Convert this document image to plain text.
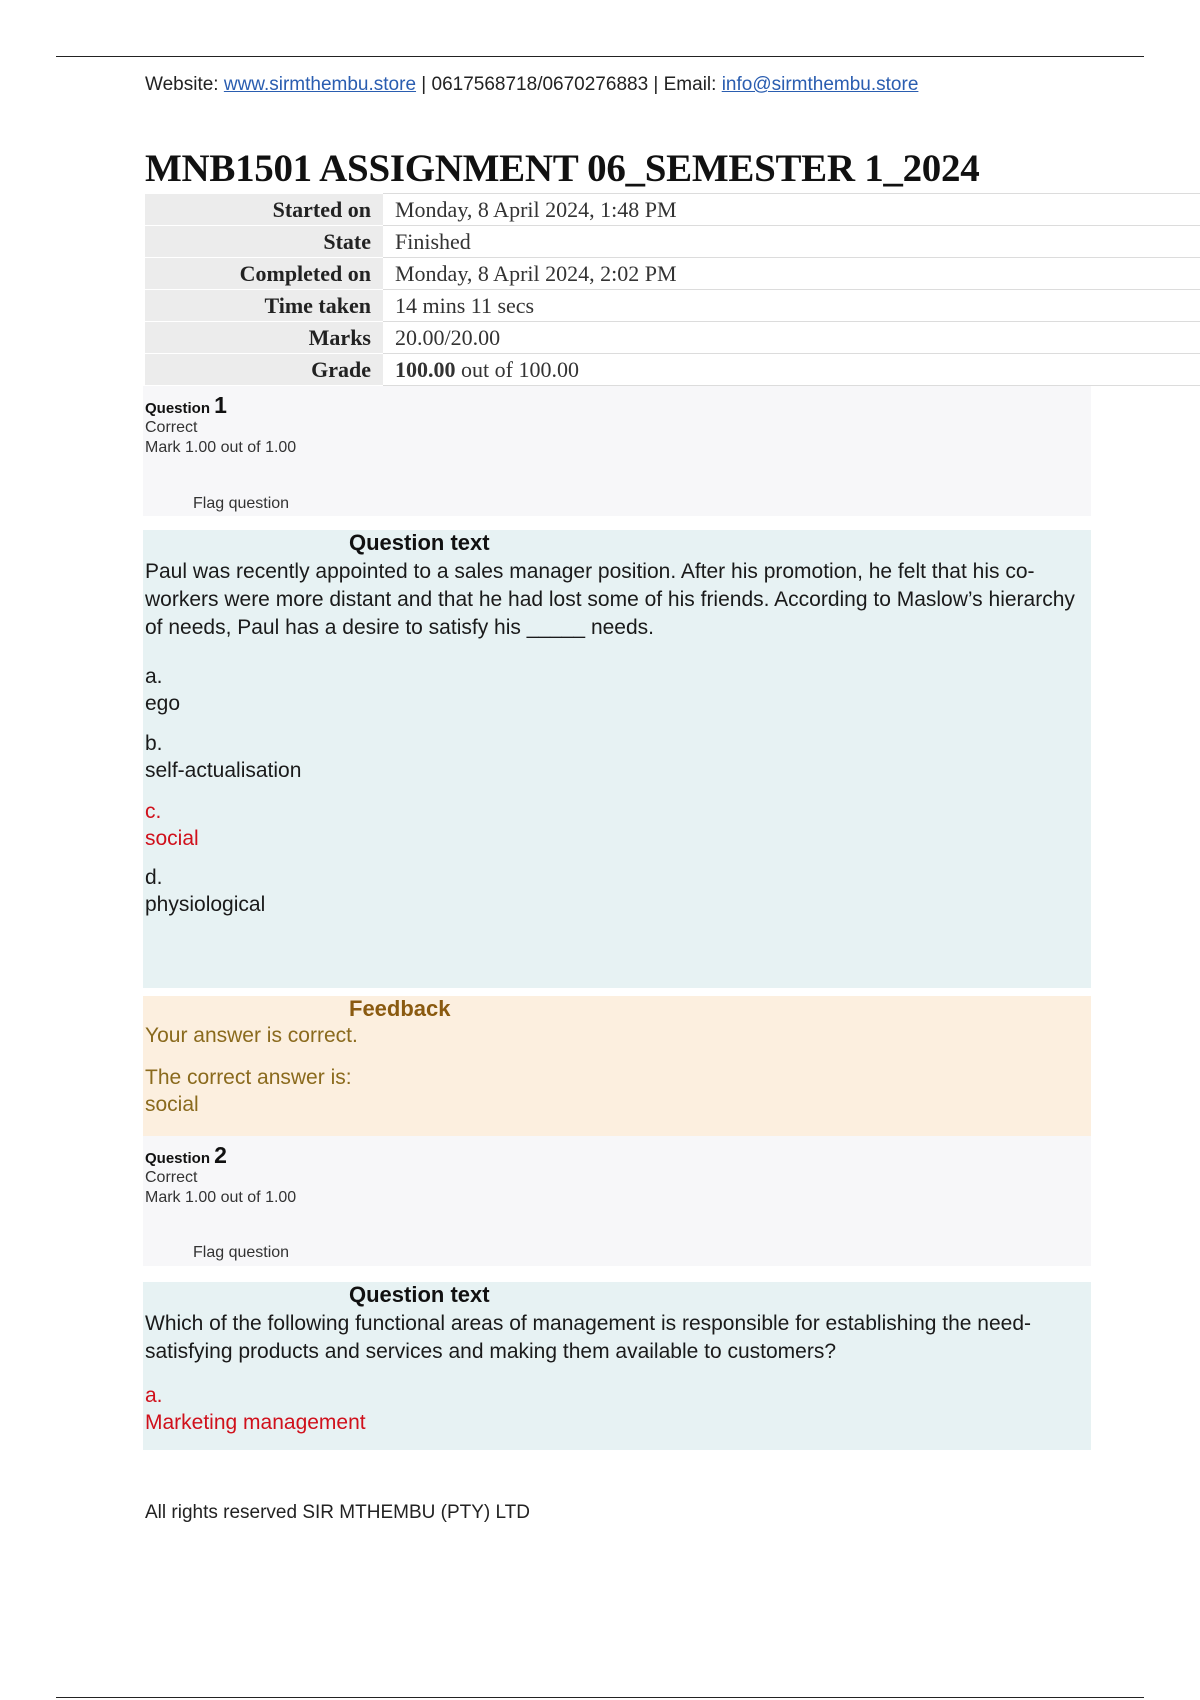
Website: www.sirmthembu.store | 0617568718/0670276883 | Email: info@sirmthembu.store
MNB1501 ASSIGNMENT 06_SEMESTER 1_2024
Started on	Monday, 8 April 2024, 1:48 PM
State	Finished
Completed on	Monday, 8 April 2024, 2:02 PM
Time taken	14 mins 11 secs
Marks	20.00/20.00
Grade	100.00 out of 100.00
Question 1
Correct
Mark 1.00 out of 1.00
Flag question
Question text

Paul was recently appointed to a sales manager position. After his promotion, he felt that his co-workers were more distant and that he had lost some of his friends. According to Maslow’s hierarchy of needs, Paul has a desire to satisfy his _____ needs.

a.
ego
b.
self-actualisation
c.
social
d.
physiological
Feedback
Your answer is correct.
The correct answer is:
social
Question 2
Correct
Mark 1.00 out of 1.00
Flag question
Question text

Which of the following functional areas of management is responsible for establishing the need-satisfying products and services and making them available to customers?

a.
Marketing management
All rights reserved SIR MTHEMBU (PTY) LTD
